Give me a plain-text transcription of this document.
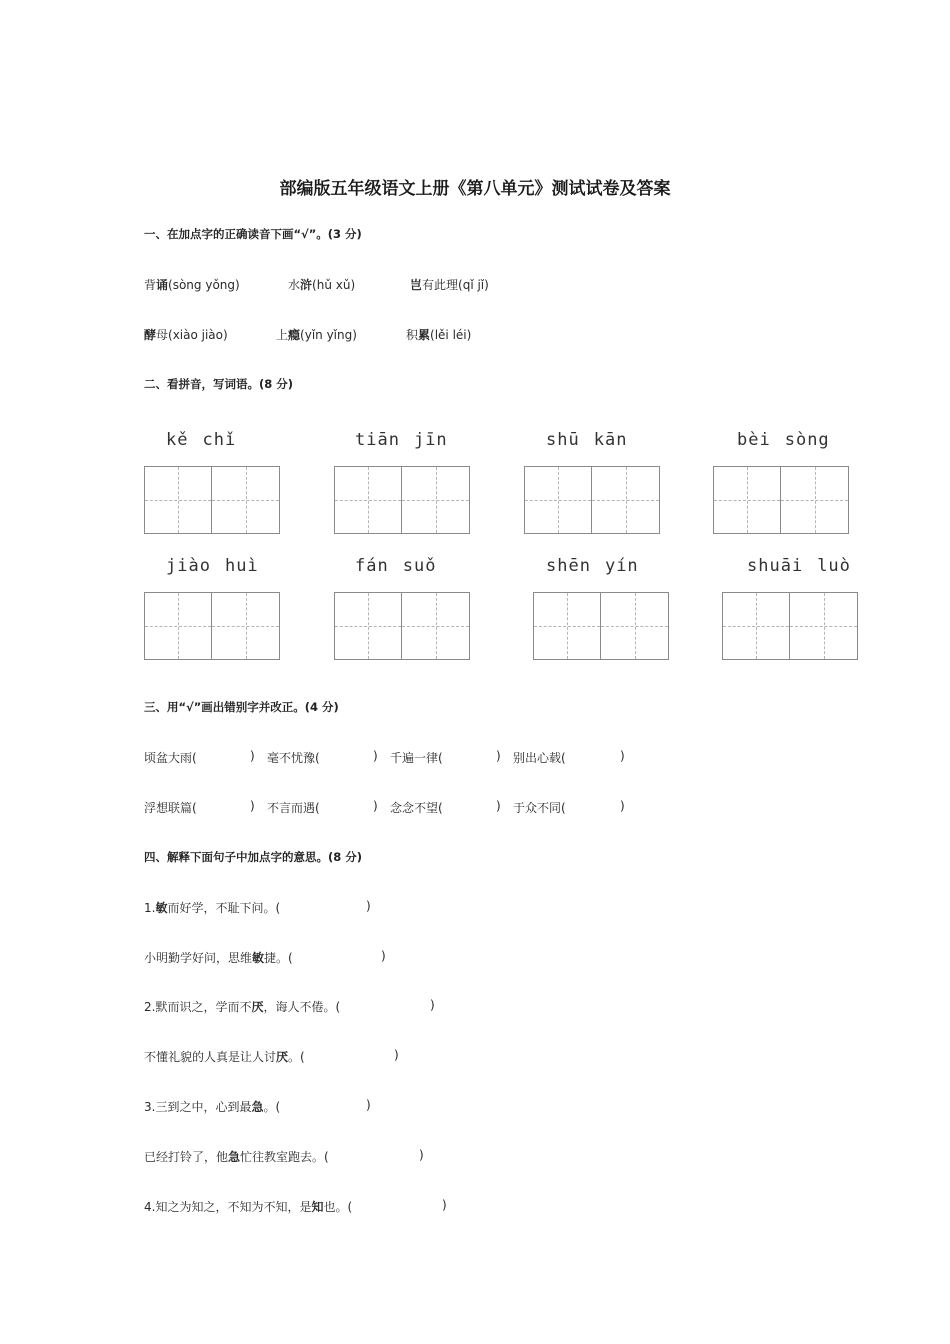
部编版五年级语文上册《第八单元》测试试卷及答案
一、在加点字的正确读音下画“√”。(3 分)
背诵(sòng yǒng)	水浒(hǔ xǔ)	岂有此理(qǐ jǐ)
酵母(xiào jiào)	上瘾(yǐn yǐng)	积累(lěi léi)
二、看拼音，写词语。(8 分)
kě chǐ	tiān jīn	shū kān	bèi sòng
jiào huì	fán suǒ	shēn yín	shuāi luò
三、用“√”画出错别字并改正。(4 分)
顷盆大雨(	) 毫不忧豫(	) 千遍一律(	) 别出心载(	)
浮想联篇(	) 不言而遇(	) 念念不望(	) 于众不同(	)
四、解释下面句子中加点字的意思。(8 分)
1.敏而好学，不耻下问。(	)
小明勤学好问，思维敏捷。(	)
2.默而识之，学而不厌，诲人不倦。(	)
不懂礼貌的人真是让人讨厌。(	)
3.三到之中，心到最急。(	)
已经打铃了，他急忙往教室跑去。(	)
4.知之为知之，不知为不知，是知也。(	)
